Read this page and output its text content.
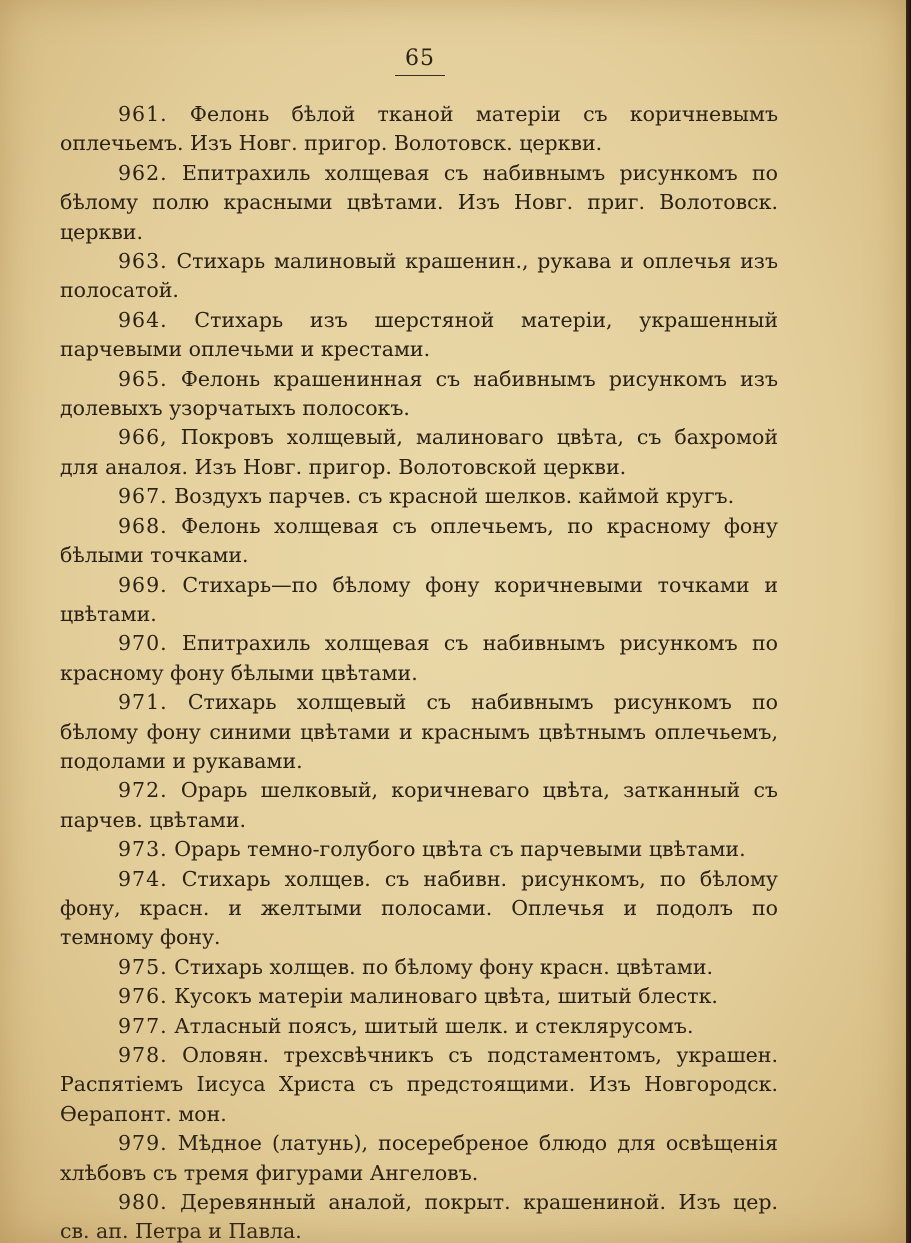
65
961. Фелонь бѣлой тканой матеріи съ коричневымъ оплечьемъ. Изъ Новг. пригор. Волотовск. церкви.
962. Епитрахиль холщевая съ набивнымъ рисункомъ по бѣлому полю красными цвѣтами. Изъ Новг. приг. Волотовск. церкви.
963. Стихарь малиновый крашенин., рукава и оплечья изъ полосатой.
964. Стихарь изъ шерстяной матеріи, украшенный парчевыми оплечьми и крестами.
965. Фелонь крашенинная съ набивнымъ рисункомъ изъ долевыхъ узорчатыхъ полосокъ.
966, Покровъ холщевый, малиноваго цвѣта, съ бахромой для аналоя. Изъ Новг. пригор. Волотовской церкви.
967. Воздухъ парчев. съ красной шелков. каймой кругъ.
968. Фелонь холщевая съ оплечьемъ, по красному фону бѣлыми точками.
969. Стихарь—по бѣлому фону коричневыми точками и цвѣтами.
970. Епитрахиль холщевая съ набивнымъ рисункомъ по красному фону бѣлыми цвѣтами.
971. Стихарь холщевый съ набивнымъ рисункомъ по бѣлому фону синими цвѣтами и краснымъ цвѣтнымъ оплечьемъ, подолами и рукавами.
972. Орарь шелковый, коричневаго цвѣта, затканный съ парчев. цвѣтами.
973. Орарь темно-голубого цвѣта съ парчевыми цвѣтами.
974. Стихарь холщев. съ набивн. рисункомъ, по бѣлому фону, красн. и желтыми полосами. Оплечья и подолъ по темному фону.
975. Стихарь холщев. по бѣлому фону красн. цвѣтами.
976. Кусокъ матеріи малиноваго цвѣта, шитый блестк.
977. Атласный поясъ, шитый шелк. и стеклярусомъ.
978. Оловян. трехсвѣчникъ съ подстаментомъ, украшен. Распятіемъ Іисуса Христа съ предстоящими. Изъ Новгородск. Ѳерапонт. мон.
979. Мѣдное (латунь), посеребреное блюдо для освѣщенія хлѣбовъ съ тремя фигурами Ангеловъ.
980. Деревянный аналой, покрыт. крашениной. Изъ цер. св. ап. Петра и Павла.
